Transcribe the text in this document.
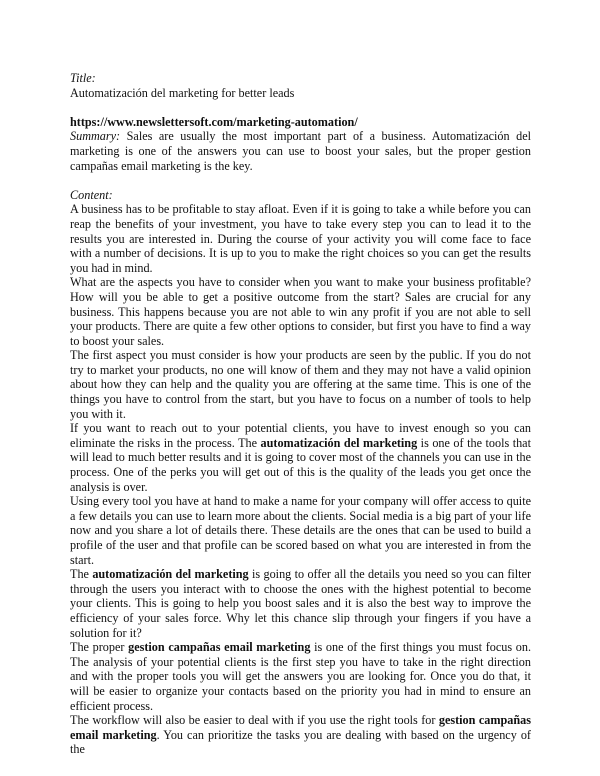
Title:
Automatización del marketing for better leads
https://www.newslettersoft.com/marketing-automation/

Summary: Sales are usually the most important part of a business. Automatización del marketing is one of the answers you can use to boost your sales, but the proper gestion campañas email marketing is the key.

Content:

A business has to be profitable to stay afloat. Even if it is going to take a while before you can reap the benefits of your investment, you have to take every step you can to lead it to the results you are interested in. During the course of your activity you will come face to face with a number of decisions. It is up to you to make the right choices so you can get the results you had in mind.

What are the aspects you have to consider when you want to make your business profitable? How will you be able to get a positive outcome from the start? Sales are crucial for any business. This happens because you are not able to win any profit if you are not able to sell your products. There are quite a few other options to consider, but first you have to find a way to boost your sales.

The first aspect you must consider is how your products are seen by the public. If you do not try to market your products, no one will know of them and they may not have a valid opinion about how they can help and the quality you are offering at the same time. This is one of the things you have to control from the start, but you have to focus on a number of tools to help you with it.

If you want to reach out to your potential clients, you have to invest enough so you can eliminate the risks in the process. The automatización del marketing is one of the tools that will lead to much better results and it is going to cover most of the channels you can use in the process. One of the perks you will get out of this is the quality of the leads you get once the analysis is over.

Using every tool you have at hand to make a name for your company will offer access to quite a few details you can use to learn more about the clients. Social media is a big part of your life now and you share a lot of details there. These details are the ones that can be used to build a profile of the user and that profile can be scored based on what you are interested in from the start.

The automatización del marketing is going to offer all the details you need so you can filter through the users you interact with to choose the ones with the highest potential to become your clients. This is going to help you boost sales and it is also the best way to improve the efficiency of your sales force. Why let this chance slip through your fingers if you have a solution for it?

The proper gestion campañas email marketing is one of the first things you must focus on. The analysis of your potential clients is the first step you have to take in the right direction and with the proper tools you will get the answers you are looking for. Once you do that, it will be easier to organize your contacts based on the priority you had in mind to ensure an efficient process.

The workflow will also be easier to deal with if you use the right tools for gestion campañas email marketing. You can prioritize the tasks you are dealing with based on the urgency of the
